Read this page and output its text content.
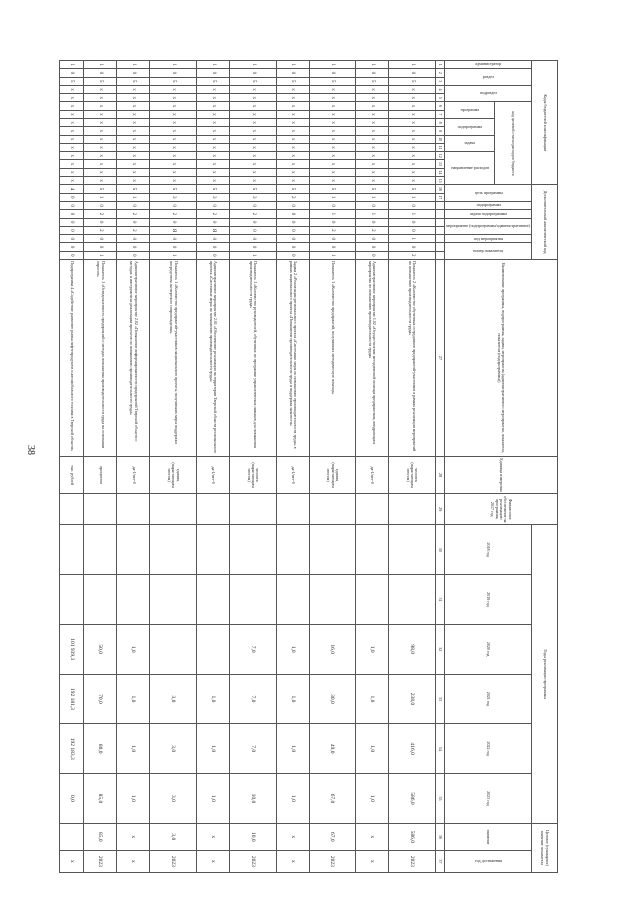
38
Коды бюджетной классификации															Дополнительный аналитический код									Наименование программы, подпрограммы, задачи, мероприятия (административного мероприятия, показателя, показатели (подпрограммы))	Единица измерения	Финансовое обеспечение на реализацию программы, 2017 год	Годы реализации программы						Целевое (суммарное) значение показателя	
администратор	раздел		подраздел		код целевой статьи расходов бюджета										цель программы		подпрограмма	задача подпрограммы	мероприятие (подпрограммы/административное)		под мероприятия	номер показателя					2018 год	2019 год	2020 год	2021 год	2022 год	2023 год	значение	год достижения
					программа		подпрограмма		задача		направление расходов																							
1	2	3	4	5	6	7	8	9	10	11	12	13	14	15	16	17								27	28	29	30	31	32	33	34	35	36	37
1	0	5	х	х	х	х	х	х	х	х	х	х	х	х	5	1	0	1	0	0	1	0	2	Показатель 2 «Количество обученных сотрудников предприятий-участников в рамках реализации мероприятий по повышению производительности труда»	человек (нарастающим итогом)				98,0	238,0	416,0	586,0	586,0	2023
1	0	5	х	х	х	х	х	х	х	х	х	х	х	х	5	1	0	1	0	2	0	0	0	Административное мероприятие 1.02 «Осуществление методической помощи предприятиям, внедряющим мероприятия по повышению производительности труда»	да-1/нет-0				1,0	1,0	1,0	1,0	х	х
1	0	5	х	х	х	х	х	х	х	х	х	х	х	х	5	1	0	1	0	2	0	0	1	Показатель 1 «Количество предприятий, получивших методическую помощь»	единиц (нарастающим итогом)				16,0	30,0	49,0	67,0	67,0	2023
1	0	5	х	х	х	х	х	х	х	х	х	х	х	х	5	2	0	0	0	0	0	0	0	Задача 2 «Реализация регионального проекта «Системные меры по повышению производительности труда» в рамках национального проекта «Повышение производительности труда и поддержка занятости»	да-1/нет-0				1,0	1,0	1,0	1,0	х	х
1	0	5	х	х	х	х	х	х	х	х	х	х	х	х	5	3	0	2	0	0	0	0	1	Показатель 1 «Количество руководителей, обученных по программе управленческих навыков для повышения производительности труда»	человек (нарастающим итогом)				7,0	7,0	7,0	10,0	10,0	2023
1	0	5	х	х	х	х	х	х	х	х	х	х	х	х	5	3	0	2	0	Я	0	0	0	Административное мероприятие 2.01 «Обеспечение реализации на территории Тверской области регионального проекта «Системные меры по повышению производительности труда»	да-1/нет-0					1,0	1,0	1,0	х	х
1	0	5	х	х	х	х	х	х	х	х	х	х	х	х	5	3	0	2	0	Я	0	0	1	Показатель 1 «Количество предприятий-участников национального проекта, получивших меры поддержки посредством экспертного сопровождения»	единиц (нарастающим итогом)					3,0	3,0	3,0	3,0	2023
1	0	5	х	х	х	х	х	х	х	х	х	х	х	х	5	1	0	2	0	2	0	0	0	Административное мероприятие 2.02 «Повышение информированности предприятий Тверской области о методах и инструментах реализации проектов по повышению производительности труда»	да-1/нет-0				1,0	1,0	1,0	1,0	х	х
1	0	5	х	х	х	х	х	х	х	х	х	х	х	х	5	1	0	2	0	2	0	0	1	Показатель 1 «Осведомленность предприятий о методах повышения производительности труда на основании опросов»	процентов				50,0	70,0	80,0	85,0	85,0	2023
1	0	5	х	х	х	х	х	х	х	х	х	х	х	х	4	0	0	0	0	0	0	0	0	Подпрограмма 4 «Содействие развитию рынка нефтепродуктов и автомобильного топлива в Тверской области»	тыс. рублей				101 939,3	192 181,3	192 183,3	0,0		х
